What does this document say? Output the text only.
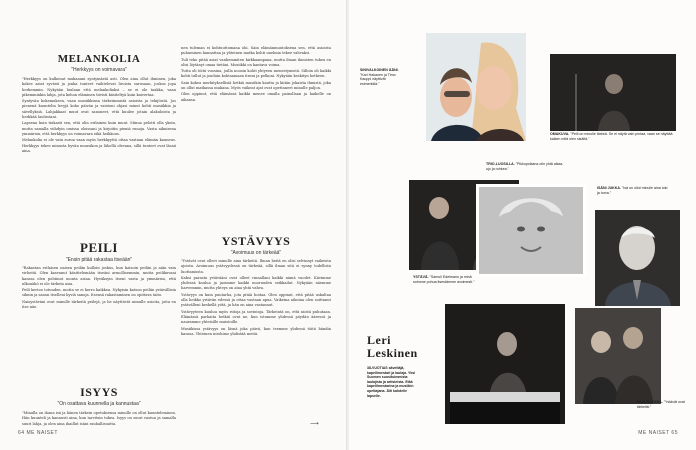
MELANKOLIA
"Herkkyys on voimavara"

"Herkkyys on kulkenut mukanani syntymästä asti. Olen aina ollut ihminen, joka kokee asiat syvästi ja jonka tunteet vaihtelevat liroista surusaan, joskus jopa herkemmin. Nykyään luulaan että melankoliaksi – se ei ole taakka, vaan pikemminkin lahja, jota kehon eläminen tiivisti käsiteltyä kuin kaivertaa.

Syntyvän kokemuksen, vaan musiikkinsa tärkeimmistä asioista ja tekijöistä. Jos pienenä kuuntelin levyjä koko päivän ja vaistoni ohjasi minut kohti musiikkia ja sävellyksiä. Lahjakkaat muut ovat sanoneet, että kuulee jotain alakuloista ja herkkää laulustani.

Lapsena koin tiukasti sen, että olin erilainen kuin muut. Minua pelotti olla yksin, mutta samalla viihdyin omissa oloissani ja kirjoitin pieniä runoja. Vasta aikuisena ymmärsin, että herkkyys on voimavara eikä heikkous.

Melankolia ei ole vain surua vaan myös herkkyyttä ottaa vastaan elämän kauneus. Herkkyys tekee minusta hyvän muusikon ja lähellä olevana, sillä tunteet ovat läsnä aina.

PEILI
"Ensin pitää rakastaa itseään"

"Rakastan erilaisen naisen peiliin kulloin joskus, kun katsoin peiliin ja näin vain virheitä. Olen kasvanut käsittelemään itseäni armollisemmin, mutta peilikuvani kanssa olen pohtinut monta asiaa. Hyväksyin itseni vasta ja ymmärsin, että ulkonäkö ei ole tärkein asia.

Peili kertoo totuuden, mutta se ei kerro kaikkea. Nykyisin katson peiliin ystävällisin silmin ja sanon itselleni hyviä sanoja. Itsensä rakastaminen on opittava taito.

Naisystäväni ovat minulle tärkeitä peilejä, ja he näyttävät minulle asioita, joita en itse näe.

ISYYS
"On osattava kuunnella ja kannustaa"

"Minulla on ihana isä ja hänen tärkein opetuksensa minulle on ollut kuunteleminen. Hän kuunteli ja kannusti aina, kun tarvitsin tukea. Isyys on suuri vastuu ja samalla suuri lahja, ja olen aina ihaillut isäni rauhallisuutta.

nen tuleman ei kohtuuttomana ohi. Sain elämänmuutoksena sen, että asioista puhuminen kannattaa ja yhteinen matka kohti unelmia tekee vahvaksi.

Tuli teko pitää asiat vanhemmiten kirkkaampana, mutta ilman ihmisten tukea en olisi löytänyt omaa tietäni. Musiikki on kantava voima.

Tutta oli töitä vuosina, joilla nousin kohti yhtyeen menestymistä. Silloin oli kaikki kohti tullut ja jouduin kohtaamaan itseni ja pelkoni. Nykyään keskityn hetkeen.

Sain kokea merkityksellisiä hetkiä musiikin kautta ja kiitän jokaista ihmistä, joka on ollut matkassa mukana. Myös vaikeat ajat ovat opettaneet minulle paljon.

Olen oppinut, että elämässä kaikki menee omalla painollaan ja kaikelle on aikansa.

YSTÄVYYS
"Avoimuus on tärkeää"

"Ystävät ovat olleet minulle aina tärkeitä. Ilman heitä en olisi selvinnyt vaikeista ajoista. Avoimuus ystävyydessä on tärkeää, sillä ilman sitä ei synny todellista luottamusta.

Kaksi parasta ystävääni ovat olleet rinnallani kaikki nämä vuodet. Kävimme yhdessä koulua ja jaoimme kaikki nuoruuden seikkailut. Nykyään näemme harvemmin, mutta yhteys on aina yhtä vahva.

Ystävyys on kuin puutarha, jota pitää hoitaa. Olen oppinut, että pitää uskaltaa olla heikko ystävän edessä ja ottaa vastaan apua. Vaikeina aikoina olen soittanut ystävälleni keskellä yötä, ja hän on aina vastannut.

Ystävyyteen kuuluu myös riitoja ja sovintoja. Tärkeintä on, että niistä puhutaan. Elämässä parhaita hetkiä ovat ne, kun istumme yhdessä pöydän ääressä ja nauramme yhteisille muistoille.

Musiikissa ystävyys on läsnä joka päivä, kun teemme yhdessä töitä bändin kanssa. Yhteinen intohimo yhdistää meitä.

⟶
64 ME NAISET
SINIVALKOINEN ÄÄNI. "Kari Hakanen ja Timo Kauppi näyttivät esimerkkiä."
OMAKUVA. "Peili on minulle tärkeä. Se ei näytä vain pintaa, vaan se näyttää kaiken mitä olen sisältä."
TRIO-LUOSILLA. "Pikkupoikana olin yhtä aikaa ujo ja rohkea."
ISÄNI JUKKA. "Isä on ollut minulle aina tuki ja turva."
YSTÄVÄ. "Samuli Edelmann ja minä soimme puhua itsestämme avoimesti."
Leri
Leskinen
38-VUOTIAS säveltäjä, kapellimestari ja laulaja. Yksi Suomen suosituimmista laulajista ja artisteista. Elää kapellimestarina ja musiikin opettajana. Äiti kahdelle lapselle.
VAIN ELÄMÄÄ. "Ystävät ovat tärkeitä."
ME NAISET 65
